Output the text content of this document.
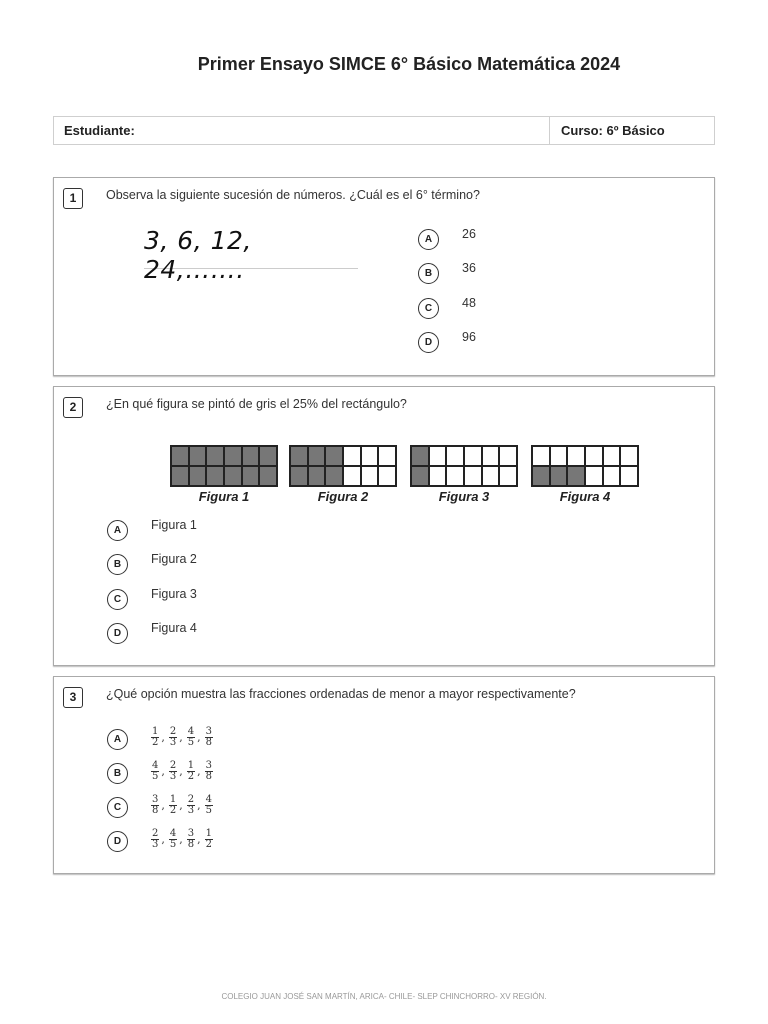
Primer Ensayo SIMCE 6° Básico Matemática 2024
Estudiante:	Curso: 6º Básico
1	Observa la siguiente sucesión de números. ¿Cuál es el 6° término?
3, 6, 12, 24,…….
A	26
B	36
C	48
D	96
2	¿En qué figura se pintó de gris el 25% del rectángulo?
Figura 1	Figura 2	Figura 3	Figura 4
A	Figura 1
B	Figura 2
C	Figura 3
D	Figura 4
3	¿Qué opción muestra las fracciones ordenadas de menor a mayor respectivamente?
A	$\frac{1}{2}$ , $\frac{2}{3}$ , $\frac{4}{5}$ , $\frac{3}{8}$
B	$\frac{4}{5}$ , $\frac{2}{3}$ , $\frac{1}{2}$ , $\frac{3}{8}$
C	$\frac{3}{8}$ , $\frac{1}{2}$ , $\frac{2}{3}$ , $\frac{4}{5}$
D	$\frac{2}{3}$ , $\frac{4}{5}$ , $\frac{3}{8}$ , $\frac{1}{2}$
COLEGIO JUAN JOSÉ SAN MARTÍN, ARICA- CHILE- SLEP CHINCHORRO- XV REGIÓN.
